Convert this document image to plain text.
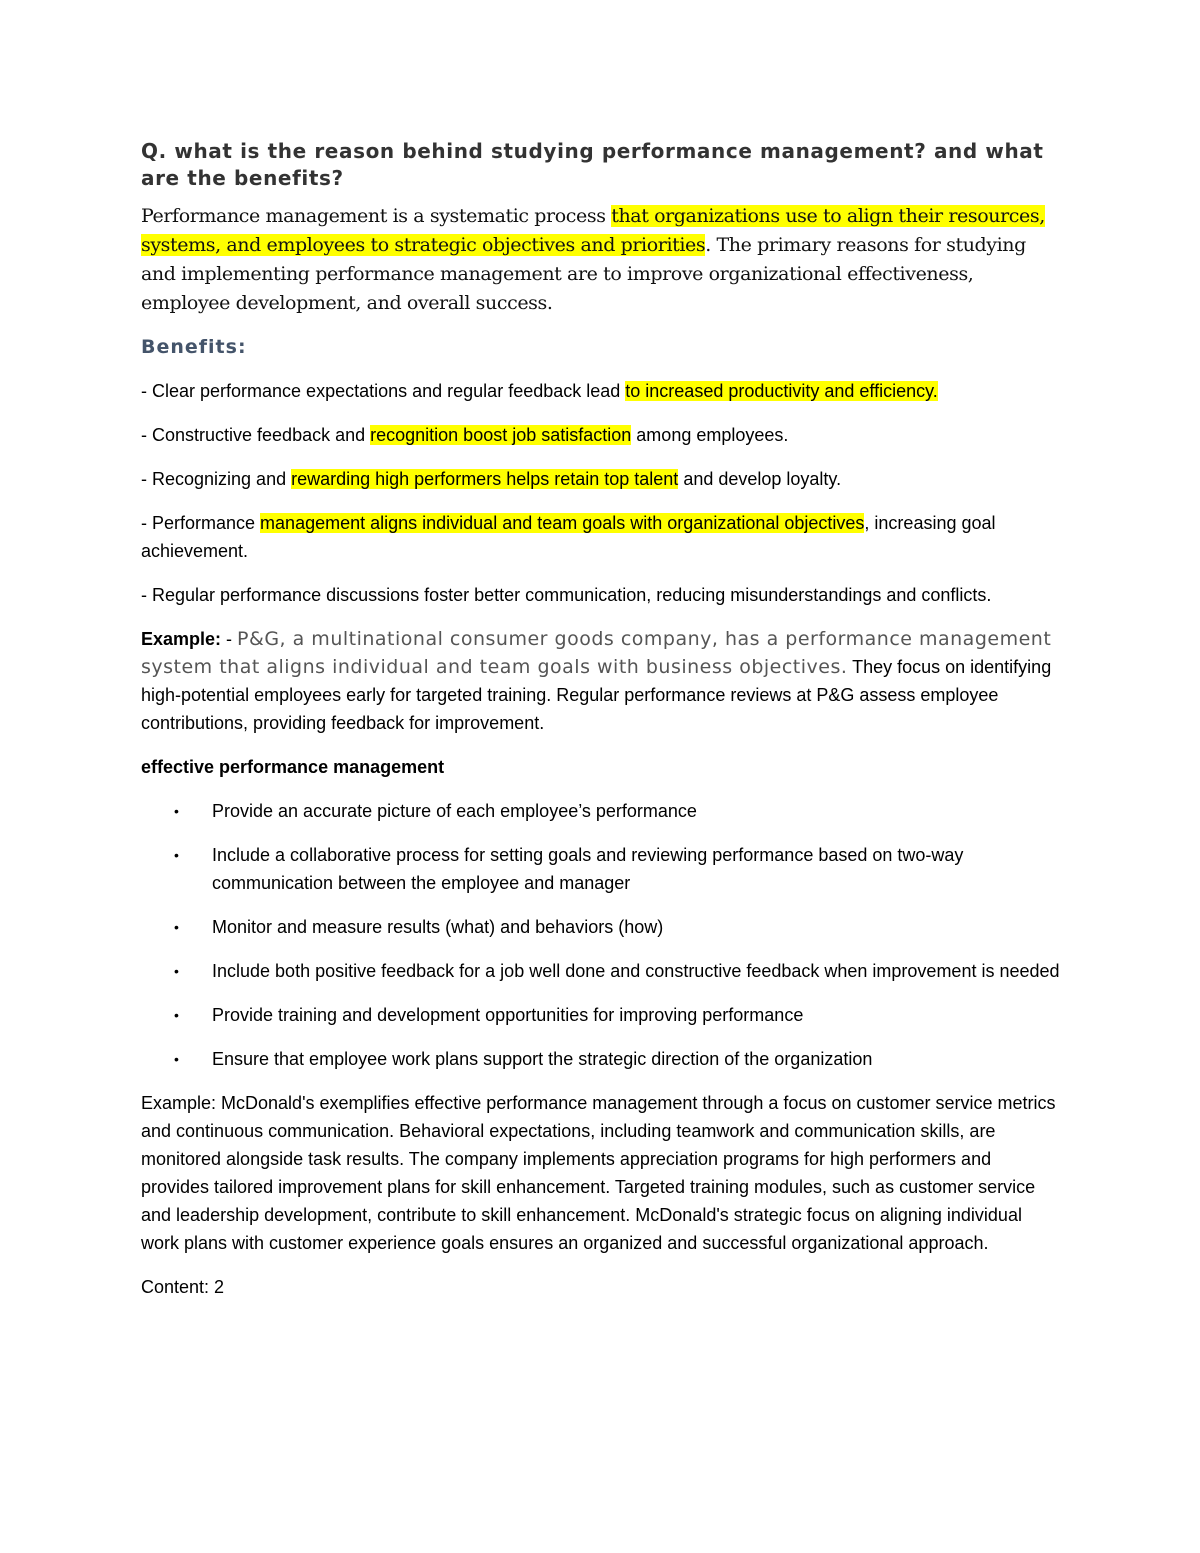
Q. what is the reason behind studying performance management? and what are the benefits?

Performance management is a systematic process that organizations use to align their resources, systems, and employees to strategic objectives and priorities. The primary reasons for studying and implementing performance management are to improve organizational effectiveness, employee development, and overall success.

Benefits:

- Clear performance expectations and regular feedback lead to increased productivity and efficiency.

- Constructive feedback and recognition boost job satisfaction among employees.

- Recognizing and rewarding high performers helps retain top talent and develop loyalty.

- Performance management aligns individual and team goals with organizational objectives, increasing goal achievement.

- Regular performance discussions foster better communication, reducing misunderstandings and conflicts.

Example: - P&G, a multinational consumer goods company, has a performance management system that aligns individual and team goals with business objectives. They focus on identifying high-potential employees early for targeted training. Regular performance reviews at P&G assess employee contributions, providing feedback for improvement.

effective performance management

• Provide an accurate picture of each employee’s performance
• Include a collaborative process for setting goals and reviewing performance based on two-way communication between the employee and manager
• Monitor and measure results (what) and behaviors (how)
• Include both positive feedback for a job well done and constructive feedback when improvement is needed
• Provide training and development opportunities for improving performance
• Ensure that employee work plans support the strategic direction of the organization

Example: McDonald's exemplifies effective performance management through a focus on customer service metrics and continuous communication. Behavioral expectations, including teamwork and communication skills, are monitored alongside task results. The company implements appreciation programs for high performers and provides tailored improvement plans for skill enhancement. Targeted training modules, such as customer service and leadership development, contribute to skill enhancement. McDonald's strategic focus on aligning individual work plans with customer experience goals ensures an organized and successful organizational approach.

Content: 2
